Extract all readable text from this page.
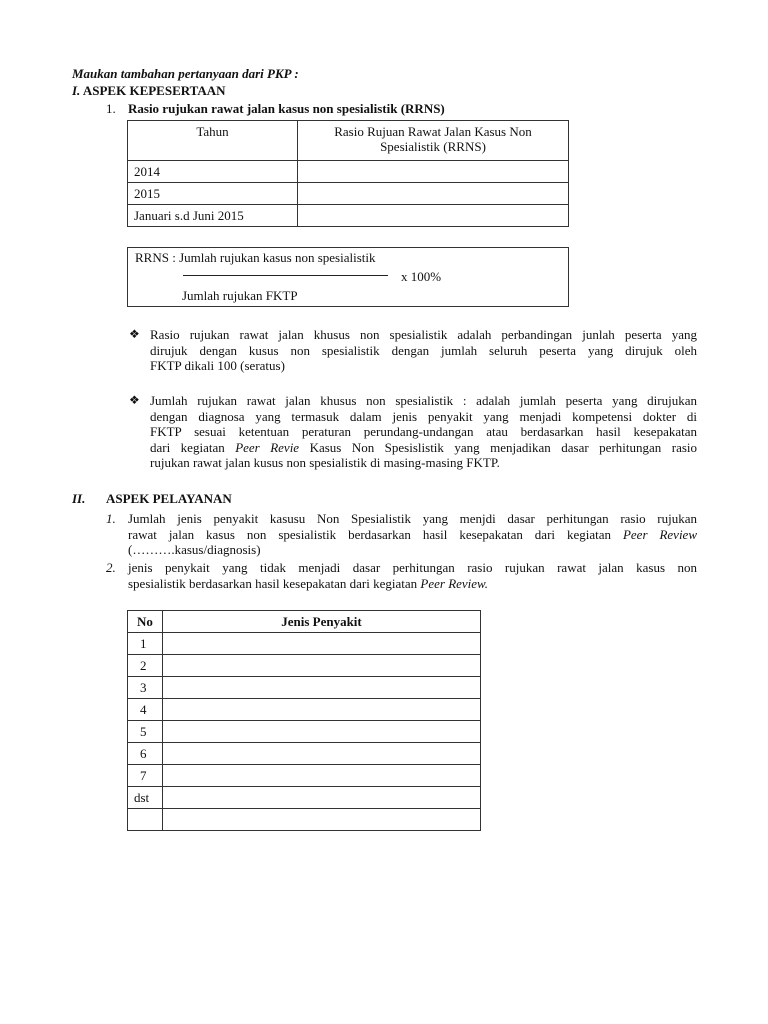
Maukan tambahan pertanyaan dari PKP :
I. ASPEK KEPESERTAAN
1. Rasio rujukan rawat jalan kasus non spesialistik (RRNS)
Tahun	Rasio Rujuan Rawat Jalan Kasus Non Spesialistik (RRNS)
2014	
2015	
Januari s.d Juni 2015	
RRNS : Jumlah rujukan kasus non spesialistik
x 100%
Jumlah rujukan FKTP
❖ Rasio rujukan rawat jalan khusus non spesialistik adalah perbandingan junlah peserta yang
dirujuk dengan kusus non spesialistik dengan jumlah seluruh peserta yang dirujuk oleh
FKTP dikali 100 (seratus)
❖ Jumlah rujukan rawat jalan khusus non spesialistik : adalah jumlah peserta yang dirujukan
dengan diagnosa yang termasuk dalam jenis penyakit yang menjadi kompetensi dokter di
FKTP sesuai ketentuan peraturan perundang-undangan atau berdasarkan hasil kesepakatan
dari kegiatan Peer Revie Kasus Non Spesislistik yang menjadikan dasar perhitungan rasio
rujukan rawat jalan kusus non spesialistik di masing-masing FKTP.
II. ASPEK PELAYANAN
1. Jumlah jenis penyakit kasusu Non Spesialistik yang menjdi dasar perhitungan rasio rujukan
rawat jalan kasus non spesialistik berdasarkan hasil kesepakatan dari kegiatan Peer Review
(……….kasus/diagnosis)
2. jenis penykait yang tidak menjadi dasar perhitungan rasio rujukan rawat jalan kasus non
spesialistik berdasarkan hasil kesepakatan dari kegiatan Peer Review.
No	Jenis Penyakit
1	
2	
3	
4	
5	
6	
7	
dst	
